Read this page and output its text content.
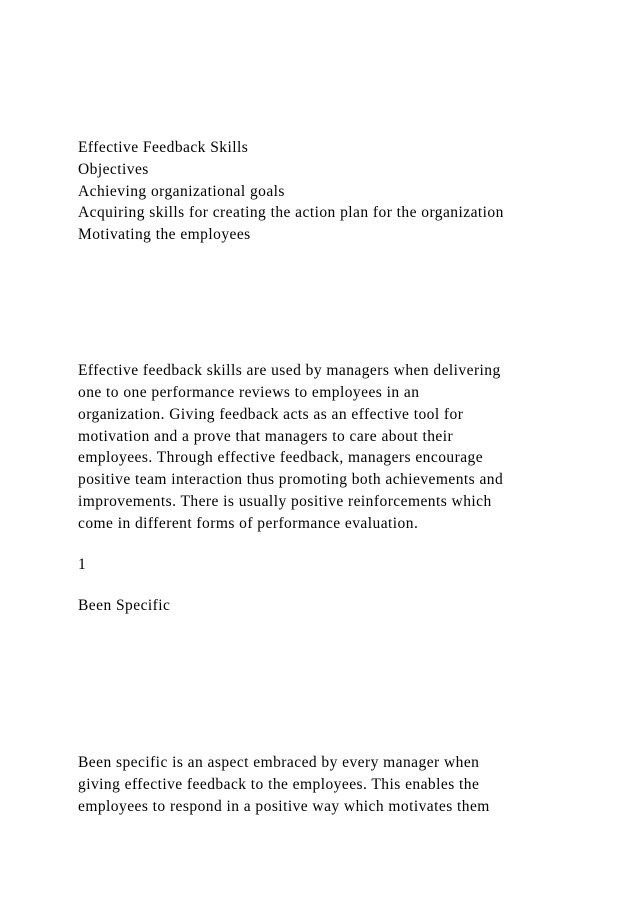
Effective Feedback Skills
Objectives
Achieving organizational goals
Acquiring skills for creating the action plan for the organization
Motivating the employees
Effective feedback skills are used by managers when delivering
one to one performance reviews to employees in an
organization. Giving feedback acts as an effective tool for
motivation and a prove that managers to care about their
employees. Through effective feedback, managers encourage
positive team interaction thus promoting both achievements and
improvements. There is usually positive reinforcements which
come in different forms of performance evaluation.
1
Been Specific
Been specific is an aspect embraced by every manager when
giving effective feedback to the employees. This enables the
employees to respond in a positive way which motivates them
